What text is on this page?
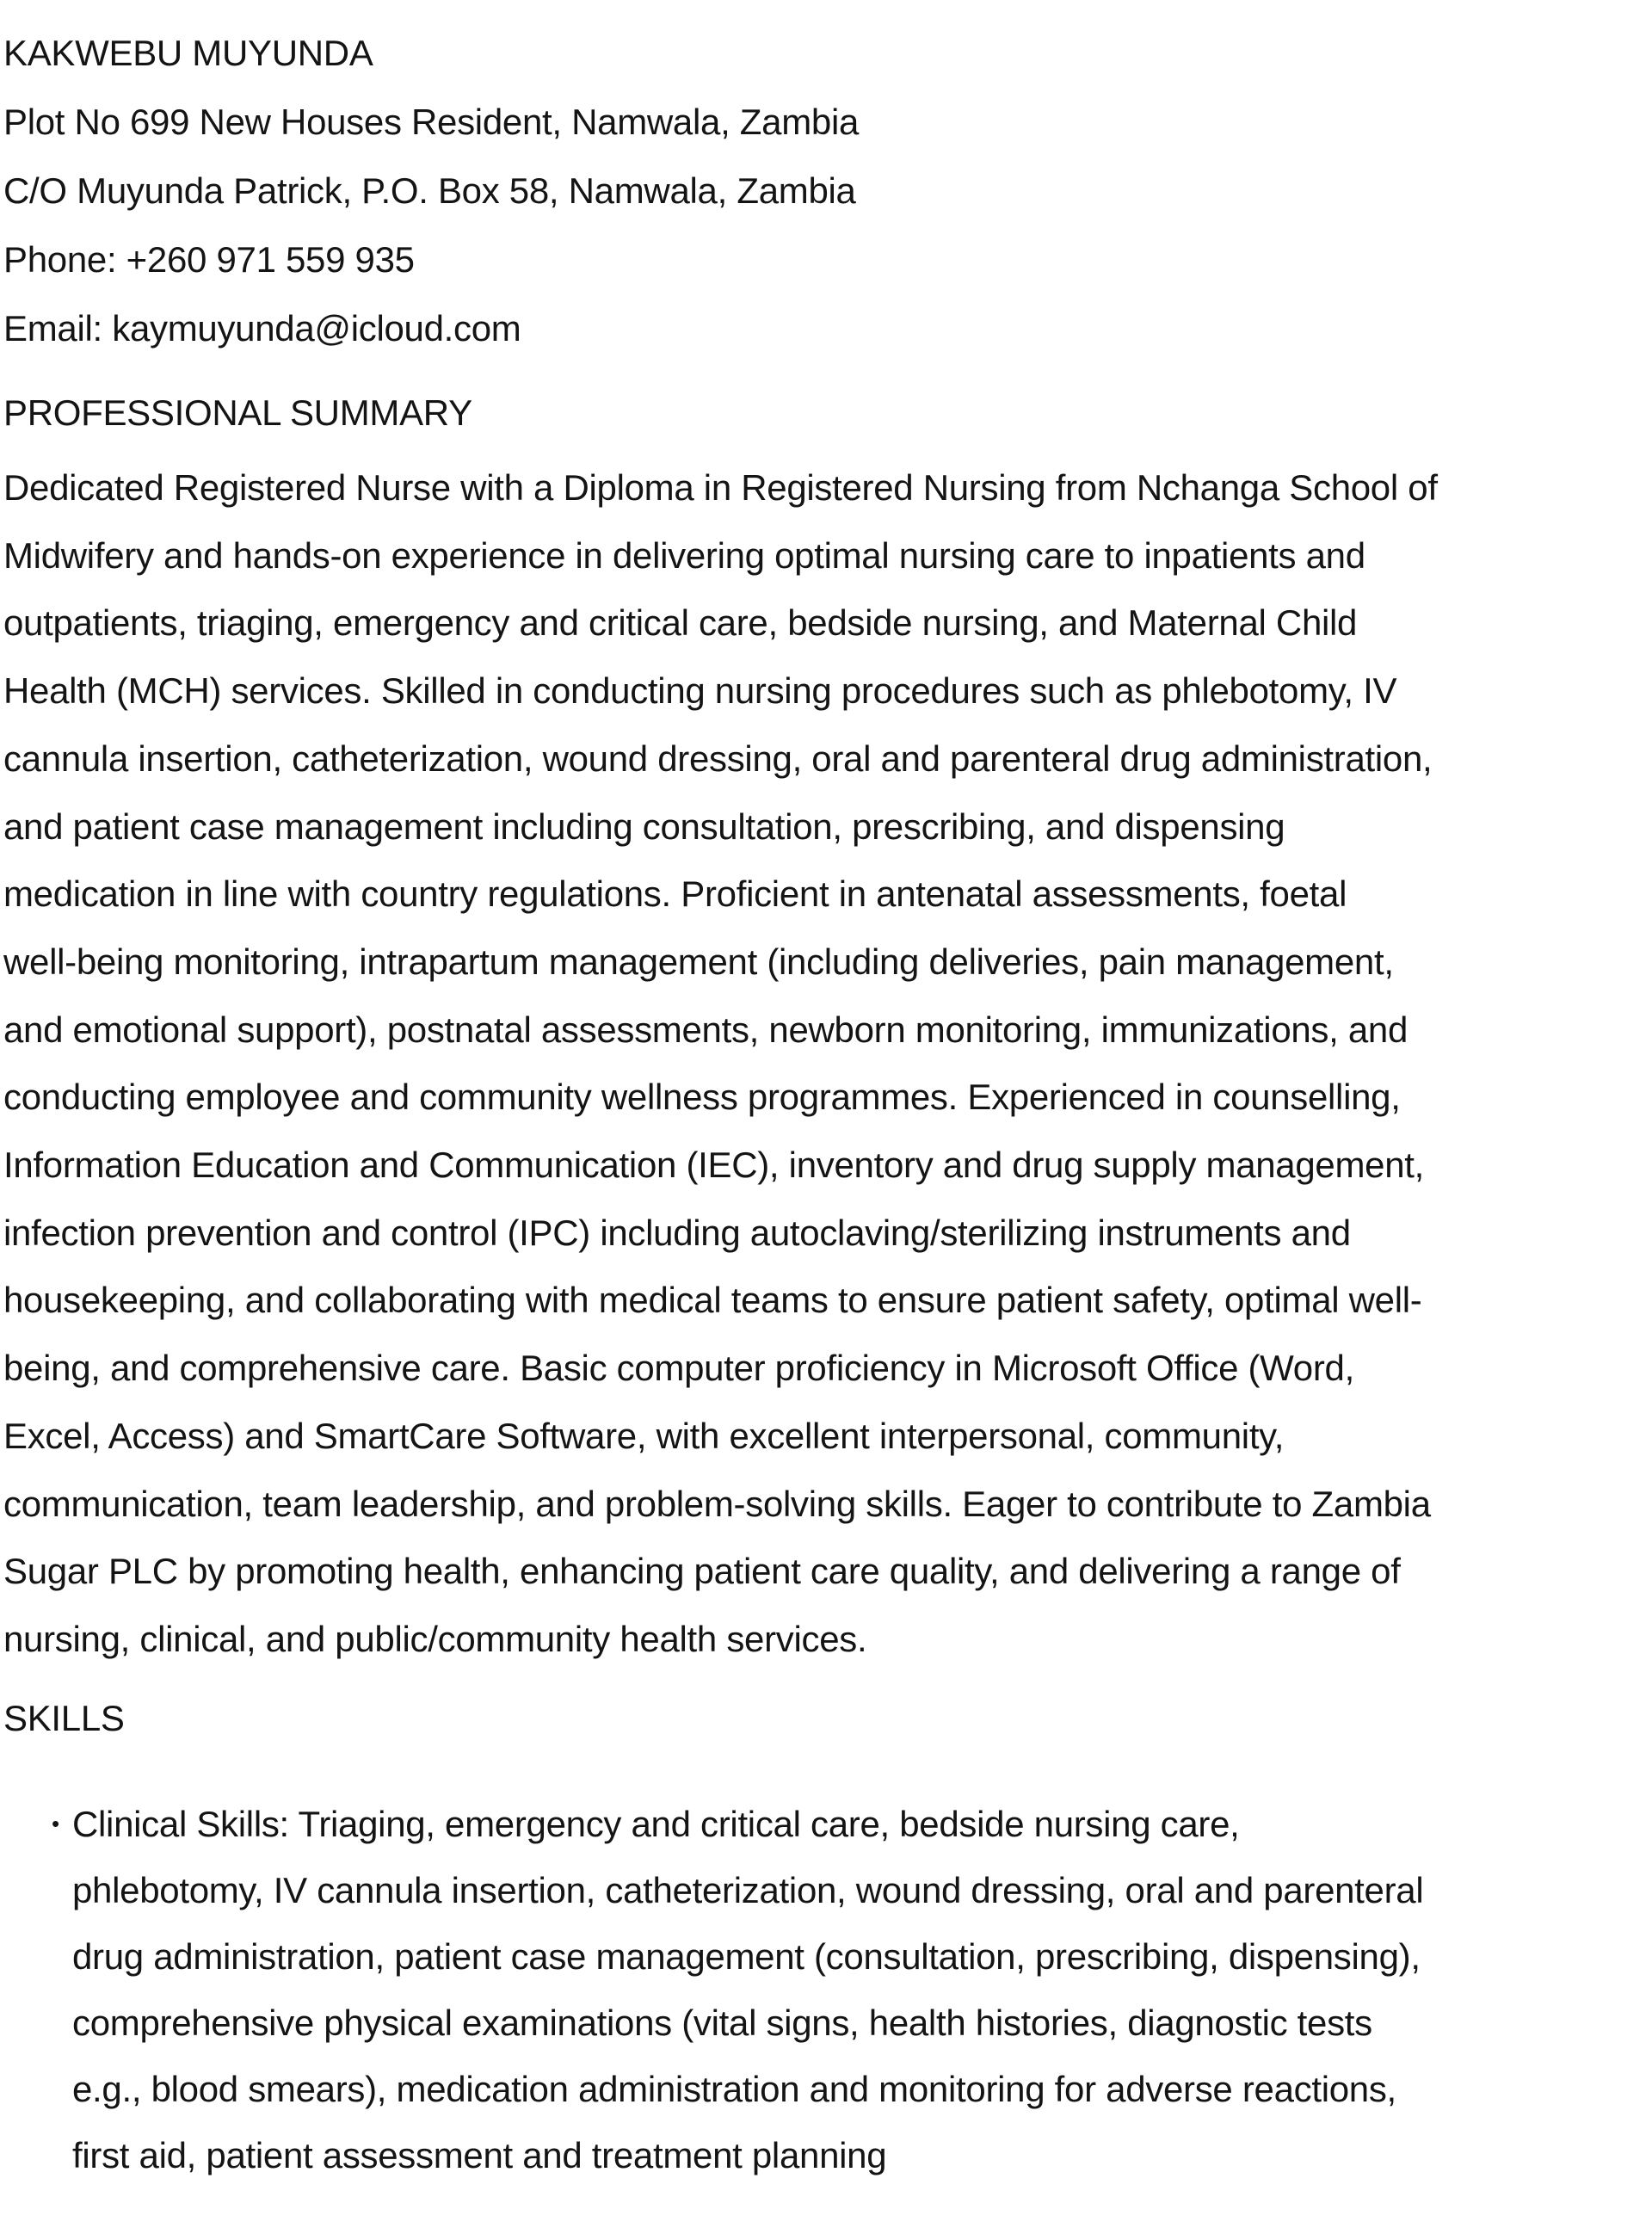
KAKWEBU MUYUNDA
Plot No 699 New Houses Resident, Namwala, Zambia
C/O Muyunda Patrick, P.O. Box 58, Namwala, Zambia
Phone: +260 971 559 935
Email: kaymuyunda@icloud.com
PROFESSIONAL SUMMARY
Dedicated Registered Nurse with a Diploma in Registered Nursing from Nchanga School of
Midwifery and hands-on experience in delivering optimal nursing care to inpatients and
outpatients, triaging, emergency and critical care, bedside nursing, and Maternal Child
Health (MCH) services. Skilled in conducting nursing procedures such as phlebotomy, IV
cannula insertion, catheterization, wound dressing, oral and parenteral drug administration,
and patient case management including consultation, prescribing, and dispensing
medication in line with country regulations. Proficient in antenatal assessments, foetal
well-being monitoring, intrapartum management (including deliveries, pain management,
and emotional support), postnatal assessments, newborn monitoring, immunizations, and
conducting employee and community wellness programmes. Experienced in counselling,
Information Education and Communication (IEC), inventory and drug supply management,
infection prevention and control (IPC) including autoclaving/sterilizing instruments and
housekeeping, and collaborating with medical teams to ensure patient safety, optimal well-
being, and comprehensive care. Basic computer proficiency in Microsoft Office (Word,
Excel, Access) and SmartCare Software, with excellent interpersonal, community,
communication, team leadership, and problem-solving skills. Eager to contribute to Zambia
Sugar PLC by promoting health, enhancing patient care quality, and delivering a range of
nursing, clinical, and public/community health services.
SKILLS
• Clinical Skills: Triaging, emergency and critical care, bedside nursing care,
phlebotomy, IV cannula insertion, catheterization, wound dressing, oral and parenteral
drug administration, patient case management (consultation, prescribing, dispensing),
comprehensive physical examinations (vital signs, health histories, diagnostic tests
e.g., blood smears), medication administration and monitoring for adverse reactions,
first aid, patient assessment and treatment planning
